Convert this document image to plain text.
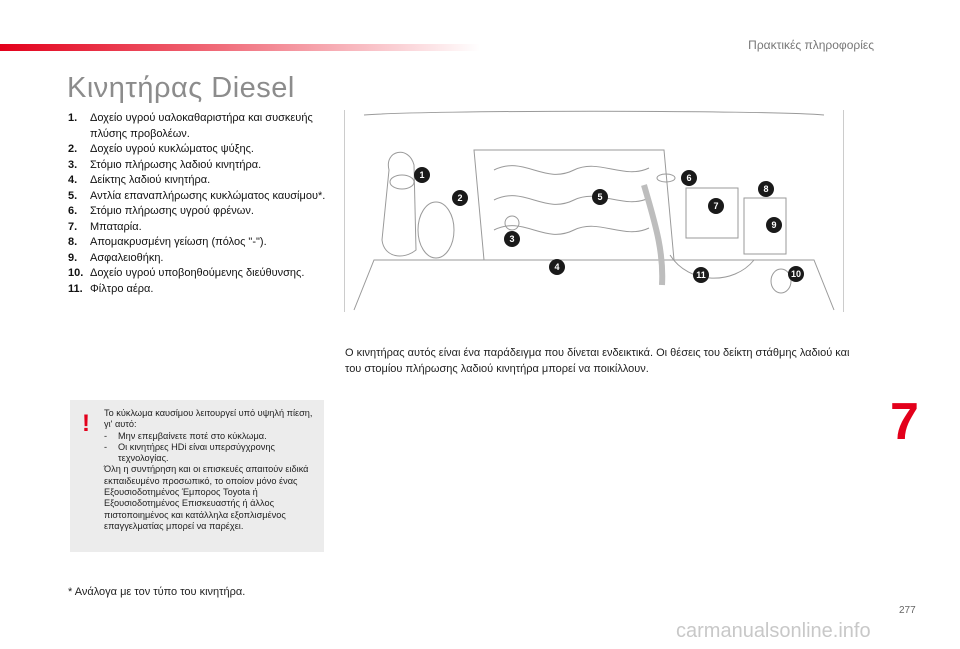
Πρακτικές πληροφορίες
Κινητήρας Diesel
1.	Δοχείο υγρού υαλοκαθαριστήρα και συσκευής πλύσης προβολέων.
2.	Δοχείο υγρού κυκλώματος ψύξης.
3.	Στόμιο πλήρωσης λαδιού κινητήρα.
4.	Δείκτης λαδιού κινητήρα.
5.	Αντλία επαναπλήρωσης κυκλώματος καυσίμου*.
6.	Στόμιο πλήρωσης υγρού φρένων.
7.	Μπαταρία.
8.	Απομακρυσμένη γείωση (πόλος "-").
9.	Ασφαλειοθήκη.
10. Δοχείο υγρού υποβοηθούμενης διεύθυνσης.
11. Φίλτρο αέρα.
! Το κύκλωμα καυσίμου λειτουργεί υπό υψηλή πίεση, γι' αυτό:
-	Μην επεμβαίνετε ποτέ στο κύκλωμα.
-	Οι κινητήρες HDi είναι υπερσύγχρονης τεχνολογίας.
Όλη η συντήρηση και οι επισκευές απαιτούν ειδικά εκπαιδευμένο προσωπικό, το οποίον μόνο ένας Εξουσιοδοτημένος Έμπορος Toyota ή Εξουσιοδοτημένος Επισκευαστής ή άλλος πιστοποιημένος και κατάλληλα εξοπλισμένος επαγγελματίας μπορεί να παρέχει.
* Ανάλογα με τον τύπο του κινητήρα.
1
2
3
4
5
6
7
8
9
10
11
Ο κινητήρας αυτός είναι ένα παράδειγμα που δίνεται ενδεικτικά. Οι θέσεις του δείκτη στάθμης λαδιού και του στομίου πλήρωσης λαδιού κινητήρα μπορεί να ποικίλλουν.
7
277
carmanualsonline.info
